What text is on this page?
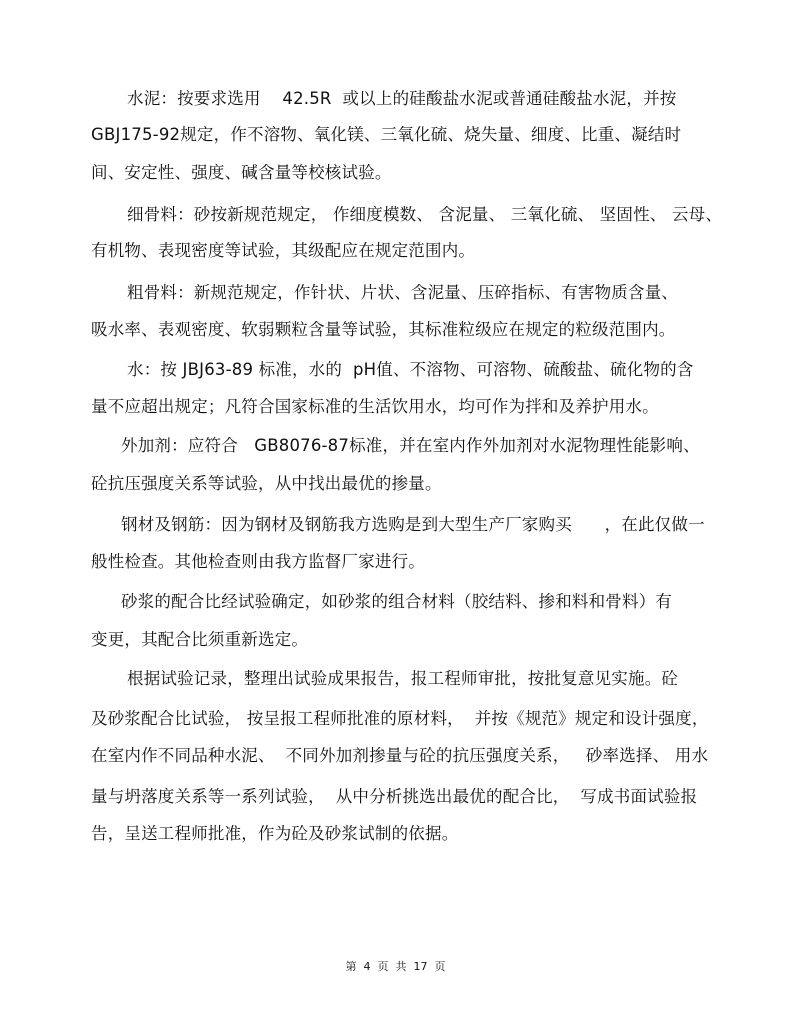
水泥：按要求选用    42.5R  或以上的硅酸盐水泥或普通硅酸盐水泥，并按
GBJ175-92规定，作不溶物、氧化镁、三氧化硫、烧失量、细度、比重、凝结时
间、安定性、强度、碱含量等校核试验。
细骨料：砂按新规范规定， 作细度模数、 含泥量、 三氧化硫、 坚固性、 云母、
有机物、表现密度等试验，其级配应在规定范围内。
粗骨料：新规范规定，作针状、片状、含泥量、压碎指标、有害物质含量、
吸水率、表观密度、软弱颗粒含量等试验，其标准粒级应在规定的粒级范围内。
水：按 JBJ63-89 标准，水的  pH值、不溶物、可溶物、硫酸盐、硫化物的含
量不应超出规定；凡符合国家标准的生活饮用水，均可作为拌和及养护用水。
外加剂：应符合   GB8076-87标准，并在室内作外加剂对水泥物理性能影响、
砼抗压强度关系等试验，从中找出最优的掺量。
钢材及钢筋：因为钢材及钢筋我方选购是到大型生产厂家购买      ，在此仅做一
般性检查。其他检查则由我方监督厂家进行。
砂浆的配合比经试验确定，如砂浆的组合材料（胶结料、掺和料和骨料）有
变更，其配合比须重新选定。
根据试验记录，整理出试验成果报告，报工程师审批，按批复意见实施。砼
及砂浆配合比试验， 按呈报工程师批准的原材料，  并按《规范》规定和设计强度，
在室内作不同品种水泥、  不同外加剂掺量与砼的抗压强度关系，   砂率选择、 用水
量与坍落度关系等一系列试验，  从中分析挑选出最优的配合比，  写成书面试验报
告，呈送工程师批准，作为砼及砂浆试制的依据。
第  4  页  共  17  页
